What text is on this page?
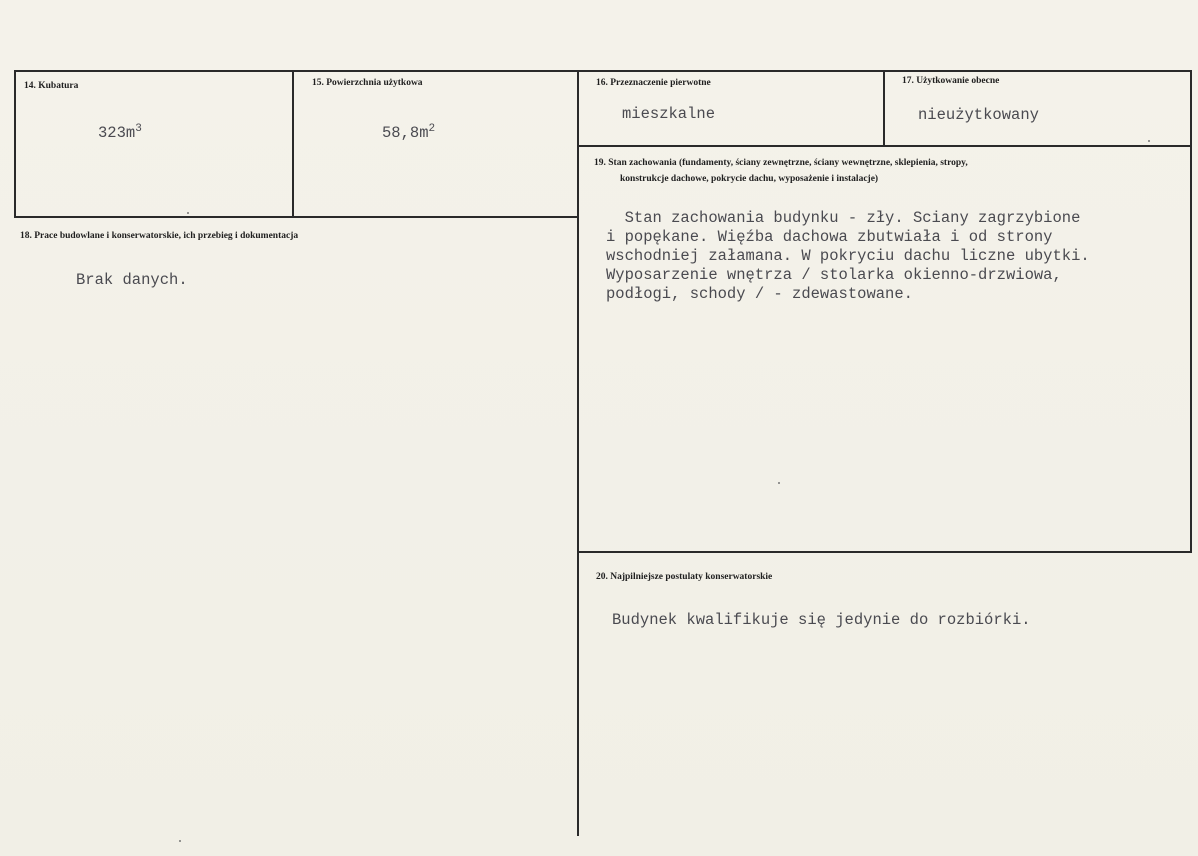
14. Kubatura
$323m^3$
15. Powierzchnia użytkowa
$58,8m^2$
16. Przeznaczenie pierwotne
mieszkalne
17. Użytkowanie obecne
nieużytkowany
18. Prace budowlane i konserwatorskie, ich przebieg i dokumentacja
Brak danych.
19. Stan zachowania (fundamenty, ściany zewnętrzne, ściany wewnętrzne, sklepienia, stropy,
konstrukcje dachowe, pokrycie dachu, wyposażenie i instalacje)
Stan zachowania budynku - zły. Sciany zagrzybione
i popękane. Więźba dachowa zbutwiała i od strony
wschodniej załamana. W pokryciu dachu liczne ubytki.
Wyposarzenie wnętrza / stolarka okienno-drzwiowa,
podłogi, schody / - zdewastowane.
20. Najpilniejsze postulaty konserwatorskie
Budynek kwalifikuje się jedynie do rozbiórki.
